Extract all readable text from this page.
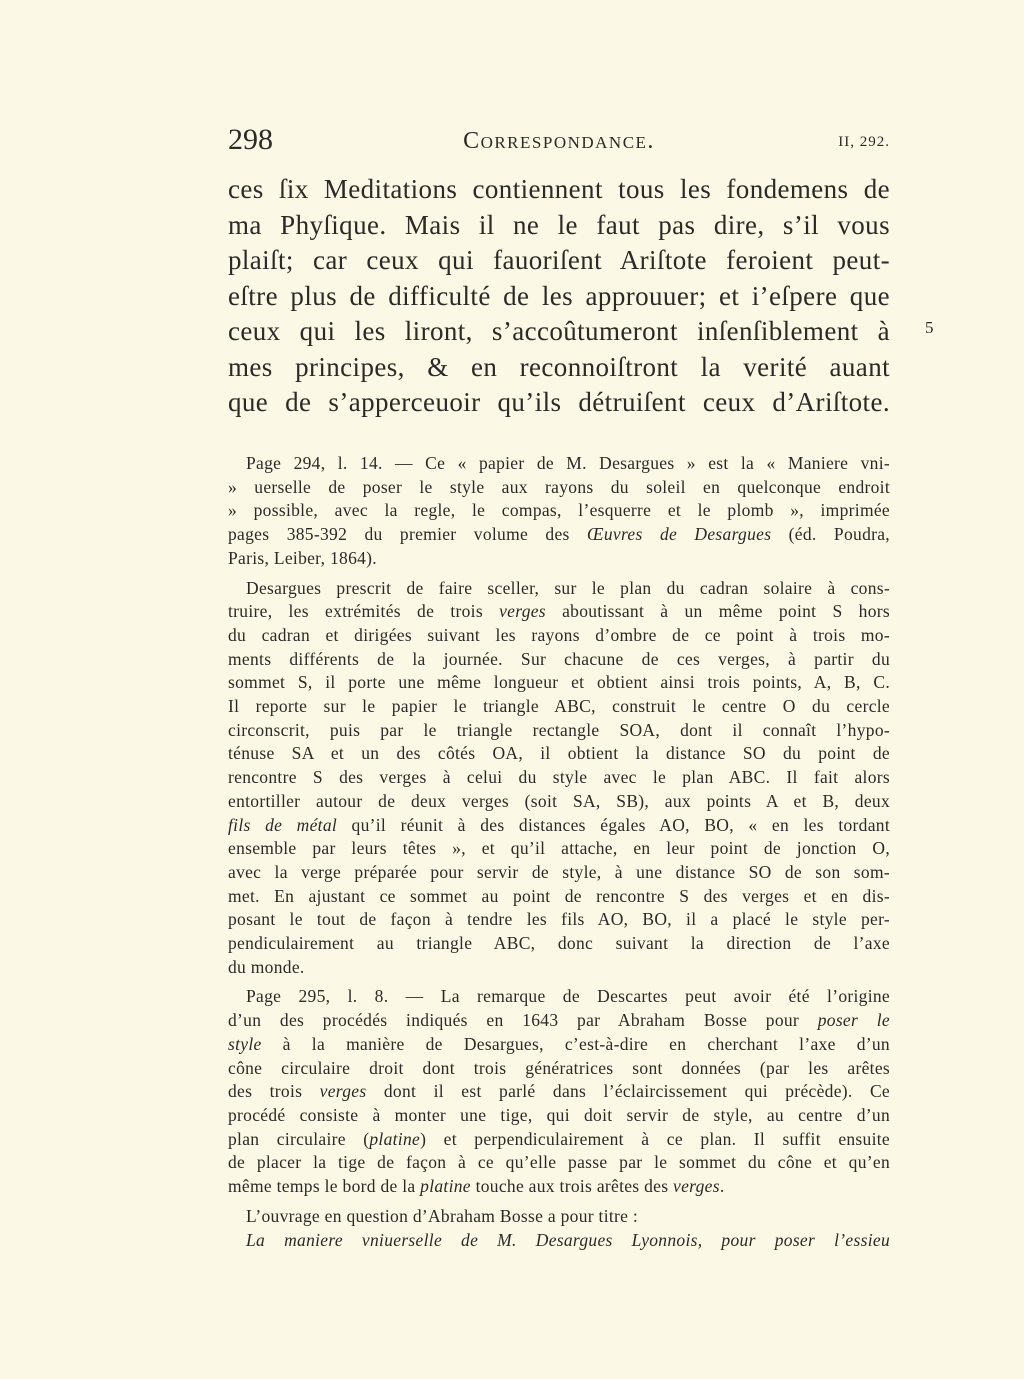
298	Correspondance.	II, 292.
ces ſix Meditations contiennent tous les fondemens de
ma Phyſique. Mais il ne le faut pas dire, s’il vous
plaiſt; car ceux qui fauoriſent Ariſtote feroient peut-
eſtre plus de difficulté de les approuuer; et i’eſpere que
ceux qui les liront, s’accoûtumeront inſenſiblement à
mes principes, & en reconnoiſtront la verité auant
que de s’apperceuoir qu’ils détruiſent ceux d’Ariſtote.
5
Page 294, l. 14. — Ce « papier de M. Desargues » est la « Maniere vni-
» uerselle de poser le style aux rayons du soleil en quelconque endroit
» possible, avec la regle, le compas, l’esquerre et le plomb », imprimée
pages 385-392 du premier volume des Œuvres de Desargues (éd. Poudra,
Paris, Leiber, 1864).
Desargues prescrit de faire sceller, sur le plan du cadran solaire à cons-
truire, les extrémités de trois verges aboutissant à un même point S hors
du cadran et dirigées suivant les rayons d’ombre de ce point à trois mo-
ments différents de la journée. Sur chacune de ces verges, à partir du
sommet S, il porte une même longueur et obtient ainsi trois points, A, B, C.
Il reporte sur le papier le triangle ABC, construit le centre O du cercle
circonscrit, puis par le triangle rectangle SOA, dont il connaît l’hypo-
ténuse SA et un des côtés OA, il obtient la distance SO du point de
rencontre S des verges à celui du style avec le plan ABC. Il fait alors
entortiller autour de deux verges (soit SA, SB), aux points A et B, deux
fils de métal qu’il réunit à des distances égales AO, BO, « en les tordant
ensemble par leurs têtes », et qu’il attache, en leur point de jonction O,
avec la verge préparée pour servir de style, à une distance SO de son som-
met. En ajustant ce sommet au point de rencontre S des verges et en dis-
posant le tout de façon à tendre les fils AO, BO, il a placé le style per-
pendiculairement au triangle ABC, donc suivant la direction de l’axe
du monde.
Page 295, l. 8. — La remarque de Descartes peut avoir été l’origine
d’un des procédés indiqués en 1643 par Abraham Bosse pour poser le
style à la manière de Desargues, c’est-à-dire en cherchant l’axe d’un
cône circulaire droit dont trois génératrices sont données (par les arêtes
des trois verges dont il est parlé dans l’éclaircissement qui précède). Ce
procédé consiste à monter une tige, qui doit servir de style, au centre d’un
plan circulaire (platine) et perpendiculairement à ce plan. Il suffit ensuite
de placer la tige de façon à ce qu’elle passe par le sommet du cône et qu’en
même temps le bord de la platine touche aux trois arêtes des verges.
L’ouvrage en question d’Abraham Bosse a pour titre :
La maniere vniuerselle de M. Desargues Lyonnois, pour poser l’essieu
